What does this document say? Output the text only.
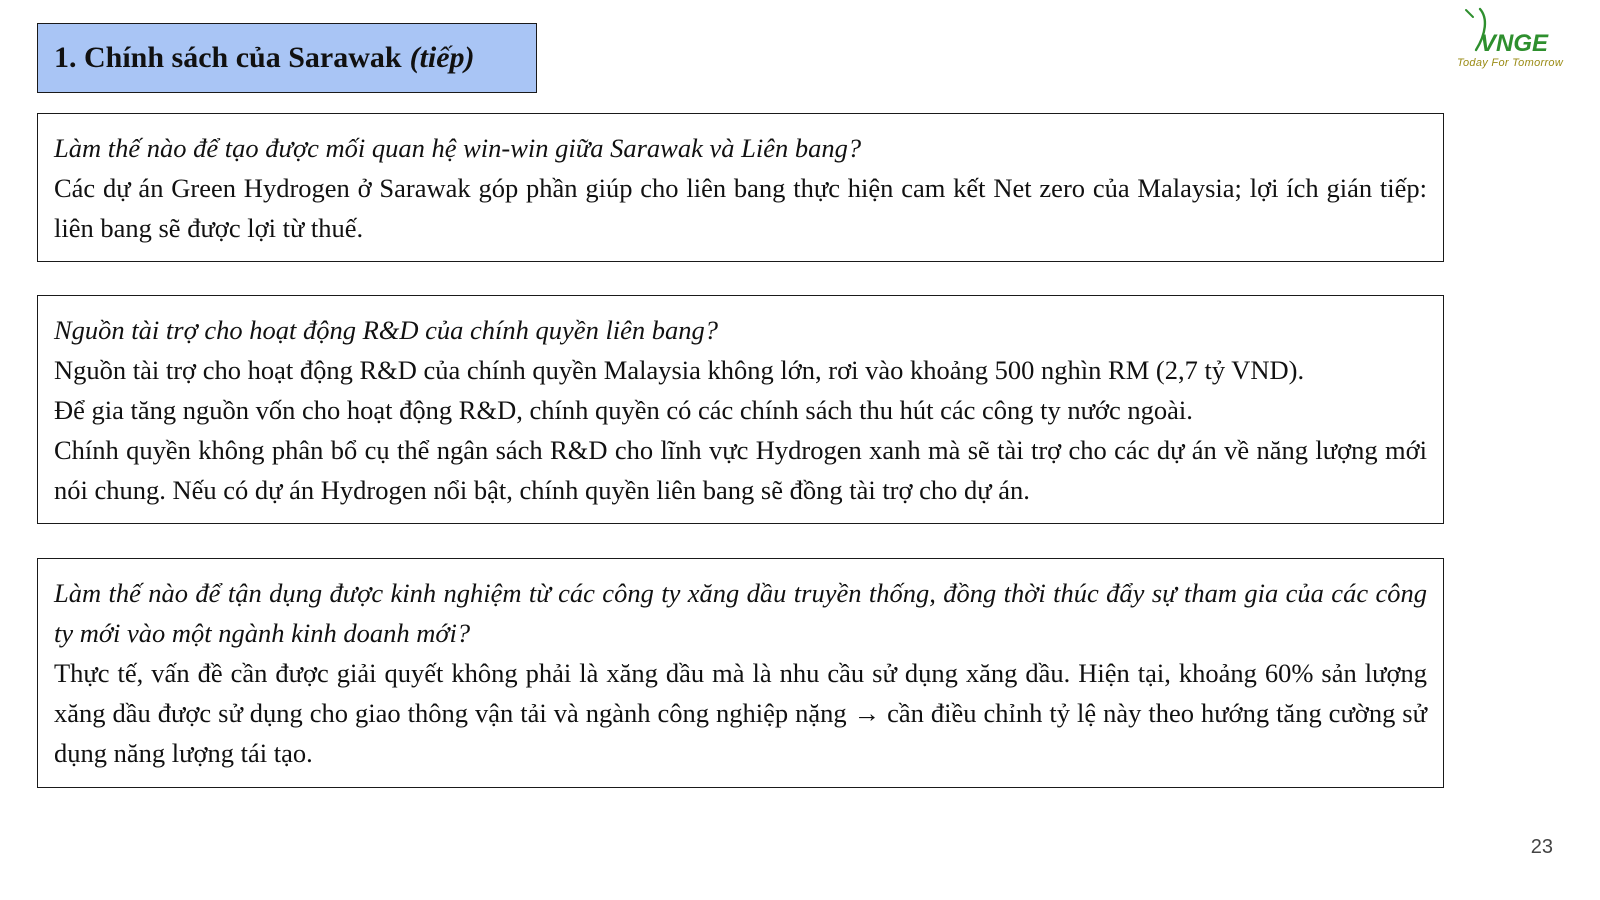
1. Chính sách của Sarawak (tiếp)	VNGE
Today For Tomorrow

Làm thế nào để tạo được mối quan hệ win-win giữa Sarawak và Liên bang?

Các dự án Green Hydrogen ở Sarawak góp phần giúp cho liên bang thực hiện cam kết Net zero của Malaysia; lợi ích gián tiếp: liên bang sẽ được lợi từ thuế.

Nguồn tài trợ cho hoạt động R&D của chính quyền liên bang?

Nguồn tài trợ cho hoạt động R&D của chính quyền Malaysia không lớn, rơi vào khoảng 500 nghìn RM (2,7 tỷ VND).

Để gia tăng nguồn vốn cho hoạt động R&D, chính quyền có các chính sách thu hút các công ty nước ngoài.

Chính quyền không phân bổ cụ thể ngân sách R&D cho lĩnh vực Hydrogen xanh mà sẽ tài trợ cho các dự án về năng lượng mới nói chung. Nếu có dự án Hydrogen nổi bật, chính quyền liên bang sẽ đồng tài trợ cho dự án.

Làm thế nào để tận dụng được kinh nghiệm từ các công ty xăng dầu truyền thống, đồng thời thúc đẩy sự tham gia của các công ty mới vào một ngành kinh doanh mới?

Thực tế, vấn đề cần được giải quyết không phải là xăng dầu mà là nhu cầu sử dụng xăng dầu. Hiện tại, khoảng 60% sản lượng xăng dầu được sử dụng cho giao thông vận tải và ngành công nghiệp nặng → cần điều chỉnh tỷ lệ này theo hướng tăng cường sử dụng năng lượng tái tạo.

23
